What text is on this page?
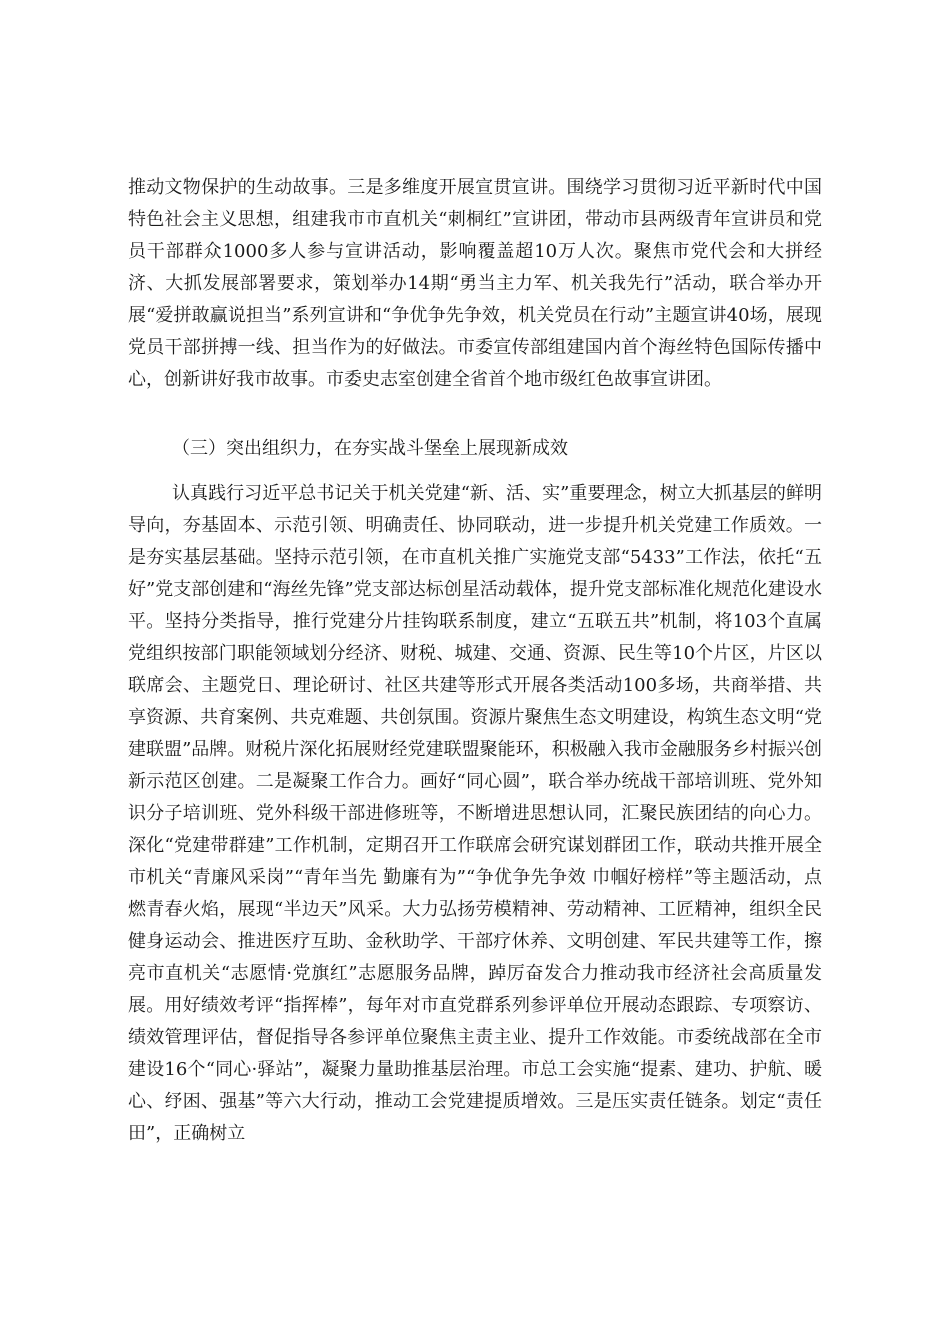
推动文物保护的生动故事。三是多维度开展宣贯宣讲。围绕学习贯彻习近平新时代中国特色社会主义思想，组建我市市直机关“刺桐红”宣讲团，带动市县两级青年宣讲员和党员干部群众1000多人参与宣讲活动，影响覆盖超10万人次。聚焦市党代会和大拼经济、大抓发展部署要求，策划举办14期“勇当主力军、机关我先行”活动，联合举办开展“爱拼敢赢说担当”系列宣讲和“争优争先争效，机关党员在行动”主题宣讲40场，展现党员干部拼搏一线、担当作为的好做法。市委宣传部组建国内首个海丝特色国际传播中心，创新讲好我市故事。市委史志室创建全省首个地市级红色故事宣讲团。

（三）突出组织力，在夯实战斗堡垒上展现新成效

认真践行习近平总书记关于机关党建“新、活、实”重要理念，树立大抓基层的鲜明导向，夯基固本、示范引领、明确责任、协同联动，进一步提升机关党建工作质效。一是夯实基层基础。坚持示范引领，在市直机关推广实施党支部“5433”工作法，依托“五好”党支部创建和“海丝先锋”党支部达标创星活动载体，提升党支部标准化规范化建设水平。坚持分类指导，推行党建分片挂钩联系制度，建立“五联五共”机制，将103个直属党组织按部门职能领域划分经济、财税、城建、交通、资源、民生等10个片区，片区以联席会、主题党日、理论研讨、社区共建等形式开展各类活动100多场，共商举措、共享资源、共育案例、共克难题、共创氛围。资源片聚焦生态文明建设，构筑生态文明“党建联盟”品牌。财税片深化拓展财经党建联盟聚能环，积极融入我市金融服务乡村振兴创新示范区创建。二是凝聚工作合力。画好“同心圆”，联合举办统战干部培训班、党外知识分子培训班、党外科级干部进修班等，不断增进思想认同，汇聚民族团结的向心力。深化“党建带群建”工作机制，定期召开工作联席会研究谋划群团工作，联动共推开展全市机关“青廉风采岗”“青年当先 勤廉有为”“争优争先争效 巾帼好榜样”等主题活动，点燃青春火焰，展现“半边天”风采。大力弘扬劳模精神、劳动精神、工匠精神，组织全民健身运动会、推进医疗互助、金秋助学、干部疗休养、文明创建、军民共建等工作，擦亮市直机关“志愿情·党旗红”志愿服务品牌，踔厉奋发合力推动我市经济社会高质量发展。用好绩效考评“指挥棒”，每年对市直党群系列参评单位开展动态跟踪、专项察访、绩效管理评估，督促指导各参评单位聚焦主责主业、提升工作效能。市委统战部在全市建设16个“同心·驿站”，凝聚力量助推基层治理。市总工会实施“提素、建功、护航、暖心、纾困、强基”等六大行动，推动工会党建提质增效。三是压实责任链条。划定“责任田”，正确树立
